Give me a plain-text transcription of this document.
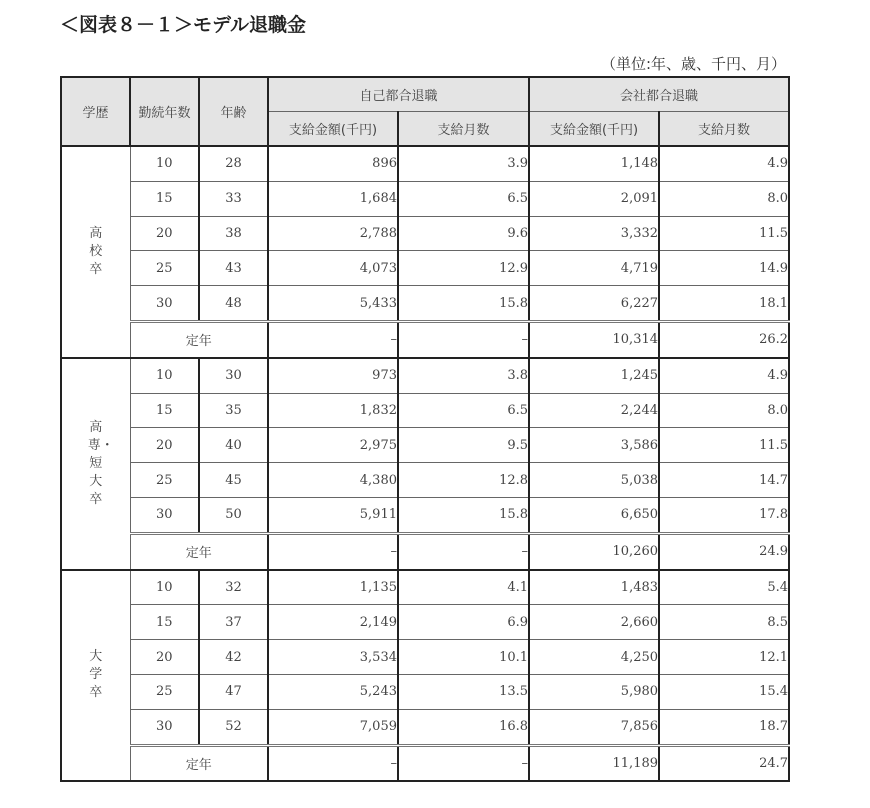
＜図表８－１＞モデル退職金
（単位:年、歳、千円、月）
学歴	勤続年数	年齢	自己都合退職		会社都合退職	
			支給金額(千円)	支給月数	支給金額(千円)	支給月数
高校卒	10	28	896	3.9	1,148	4.9
	15	33	1,684	6.5	2,091	8.0
	20	38	2,788	9.6	3,332	11.5
	25	43	4,073	12.9	4,719	14.9
	30	48	5,433	15.8	6,227	18.1
	定年		–	–	10,314	26.2
高専・短大卒	10	30	973	3.8	1,245	4.9
	15	35	1,832	6.5	2,244	8.0
	20	40	2,975	9.5	3,586	11.5
	25	45	4,380	12.8	5,038	14.7
	30	50	5,911	15.8	6,650	17.8
	定年		–	–	10,260	24.9
大学卒	10	32	1,135	4.1	1,483	5.4
	15	37	2,149	6.9	2,660	8.5
	20	42	3,534	10.1	4,250	12.1
	25	47	5,243	13.5	5,980	15.4
	30	52	7,059	16.8	7,856	18.7
	定年		–	–	11,189	24.7
